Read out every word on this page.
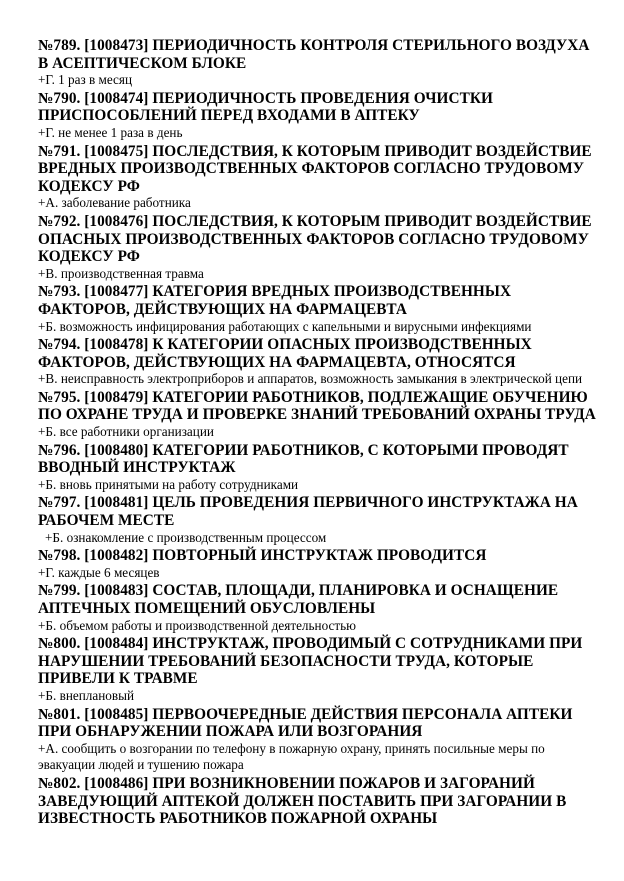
№789. [1008473] ПЕРИОДИЧНОСТЬ КОНТРОЛЯ СТЕРИЛЬНОГО ВОЗДУХА В АСЕПТИЧЕСКОМ БЛОКЕ

+Г. 1 раз в месяц

№790. [1008474] ПЕРИОДИЧНОСТЬ ПРОВЕДЕНИЯ ОЧИСТКИ ПРИСПОСОБЛЕНИЙ ПЕРЕД ВХОДАМИ В АПТЕКУ

+Г. не менее 1 раза в день

№791. [1008475] ПОСЛЕДСТВИЯ, К КОТОРЫМ ПРИВОДИТ ВОЗДЕЙСТВИЕ ВРЕДНЫХ ПРОИЗВОДСТВЕННЫХ ФАКТОРОВ СОГЛАСНО ТРУДОВОМУ КОДЕКСУ РФ

+А. заболевание работника

№792. [1008476] ПОСЛЕДСТВИЯ, К КОТОРЫМ ПРИВОДИТ ВОЗДЕЙСТВИЕ ОПАСНЫХ ПРОИЗВОДСТВЕННЫХ ФАКТОРОВ СОГЛАСНО ТРУДОВОМУ КОДЕКСУ РФ

+В. производственная травма

№793. [1008477] КАТЕГОРИЯ ВРЕДНЫХ ПРОИЗВОДСТВЕННЫХ ФАКТОРОВ, ДЕЙСТВУЮЩИХ НА ФАРМАЦЕВТА

+Б. возможность инфицирования работающих с капельными и вирусными инфекциями

№794. [1008478] К КАТЕГОРИИ ОПАСНЫХ ПРОИЗВОДСТВЕННЫХ ФАКТОРОВ, ДЕЙСТВУЮЩИХ НА ФАРМАЦЕВТА, ОТНОСЯТСЯ

+В. неисправность электроприборов и аппаратов, возможность замыкания в электрической цепи

№795. [1008479] КАТЕГОРИИ РАБОТНИКОВ, ПОДЛЕЖАЩИЕ ОБУЧЕНИЮ ПО ОХРАНЕ ТРУДА И ПРОВЕРКЕ ЗНАНИЙ ТРЕБОВАНИЙ ОХРАНЫ ТРУДА

+Б. все работники организации

№796. [1008480] КАТЕГОРИИ РАБОТНИКОВ, С КОТОРЫМИ ПРОВОДЯТ ВВОДНЫЙ ИНСТРУКТАЖ

+Б. вновь принятыми на работу сотрудниками

№797. [1008481] ЦЕЛЬ ПРОВЕДЕНИЯ ПЕРВИЧНОГО ИНСТРУКТАЖА НА РАБОЧЕМ МЕСТЕ

+Б. ознакомление с производственным процессом

№798. [1008482] ПОВТОРНЫЙ ИНСТРУКТАЖ ПРОВОДИТСЯ

+Г. каждые 6 месяцев

№799. [1008483] СОСТАВ, ПЛОЩАДИ, ПЛАНИРОВКА И ОСНАЩЕНИЕ АПТЕЧНЫХ ПОМЕЩЕНИЙ ОБУСЛОВЛЕНЫ

+Б. объемом работы и производственной деятельностью

№800. [1008484] ИНСТРУКТАЖ, ПРОВОДИМЫЙ С СОТРУДНИКАМИ ПРИ НАРУШЕНИИ ТРЕБОВАНИЙ БЕЗОПАСНОСТИ ТРУДА, КОТОРЫЕ ПРИВЕЛИ К ТРАВМЕ

+Б. внеплановый

№801. [1008485] ПЕРВООЧЕРЕДНЫЕ ДЕЙСТВИЯ ПЕРСОНАЛА АПТЕКИ ПРИ ОБНАРУЖЕНИИ ПОЖАРА ИЛИ ВОЗГОРАНИЯ

+А. сообщить о возгорании по телефону в пожарную охрану, принять посильные меры по эвакуации людей и тушению пожара

№802. [1008486] ПРИ ВОЗНИКНОВЕНИИ ПОЖАРОВ И ЗАГОРАНИЙ ЗАВЕДУЮЩИЙ АПТЕКОЙ ДОЛЖЕН ПОСТАВИТЬ ПРИ ЗАГОРАНИИ В ИЗВЕСТНОСТЬ РАБОТНИКОВ ПОЖАРНОЙ ОХРАНЫ
